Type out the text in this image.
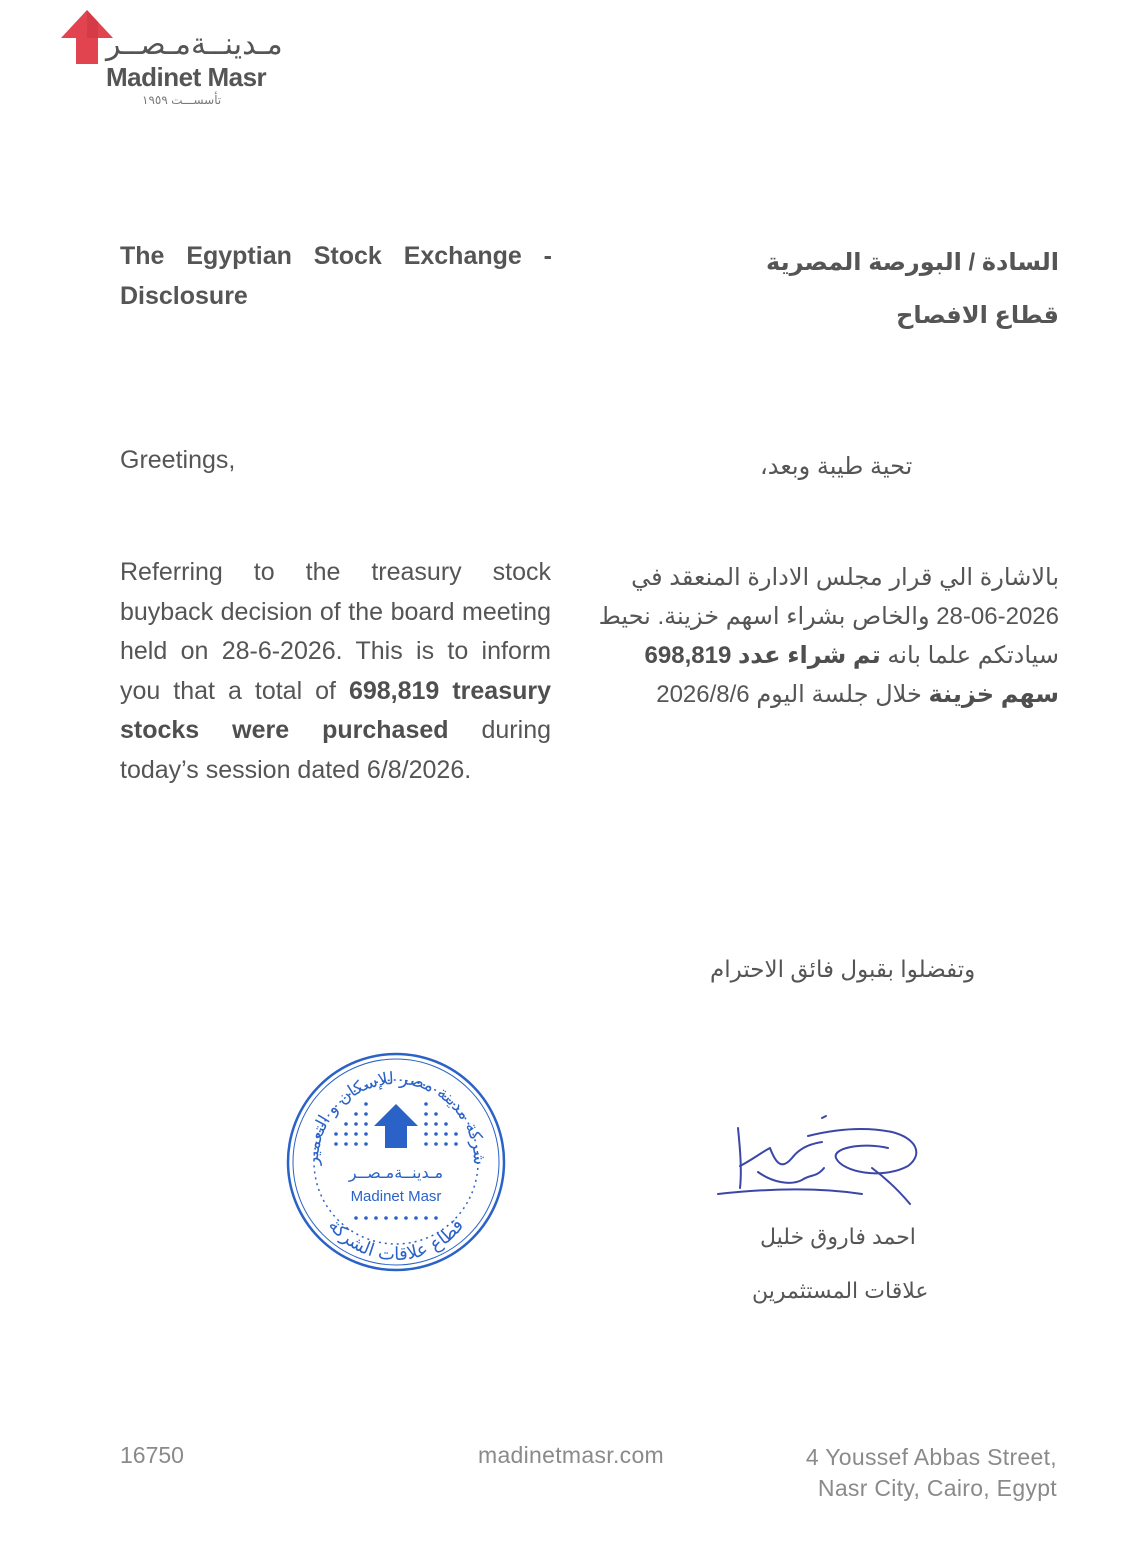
مـدينــةمـصــر
Madinet Masr
تأسســـت ١٩٥٩
The Egyptian Stock Exchange - Disclosure
السادة / البورصة المصرية
قطاع الافصاح
Greetings,	تحية طيبة وبعد،
Referring to the treasury stock buyback decision of the board meeting held on 28-6-2026. This is to inform you that a total of 698,819 treasury stocks were purchased during today’s session dated 6/8/2026.
بالاشارة الي قرار مجلس الادارة المنعقد في 2026-06-28 والخاص بشراء اسهم خزينة. نحيط سيادتكم علما بانه تم شراء عدد 698,819 سهم خزينة خلال جلسة اليوم 2026/8/6
وتفضلوا بقبول فائق الاحترام
شركة مدينة مصر للإسكان و التعمير
قطاع علاقات الشركة
مـدينــةمـصــر
Madinet Masr
احمد فاروق خليل
علاقات المستثمرين
16750	madinetmasr.com	4 Youssef Abbas Street,
Nasr City, Cairo, Egypt
